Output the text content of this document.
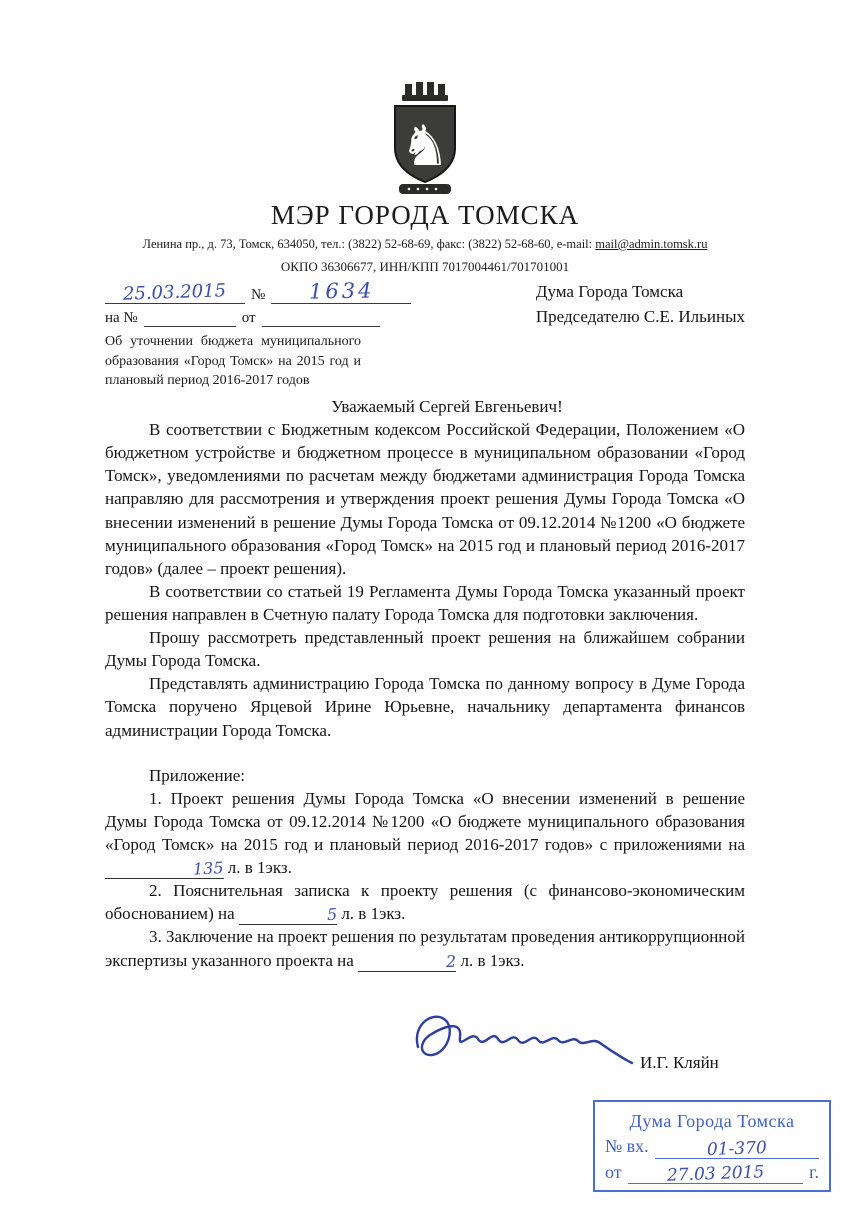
♞
МЭР ГОРОДА ТОМСКА
Ленина пр., д. 73, Томск, 634050, тел.: (3822) 52-68-69, факс: (3822) 52-68-60, e-mail: mail@admin.tomsk.ru
ОКПО 36306677, ИНН/КПП 7017004461/701701001
25.03.2015	№	1634
на №
	от

Дума Города Томска
Председателю С.Е. Ильиных
Об уточнении бюджета муниципального образования «Город Томск» на 2015 год и плановый период 2016-2017 годов

Уважаемый Сергей Евгеньевич!

В соответствии с Бюджетным кодексом Российской Федерации, Положением «О бюджетном устройстве и бюджетном процессе в муниципальном образовании «Город Томск», уведомлениями по расчетам между бюджетами администрация Города Томска направляю для рассмотрения и утверждения проект решения Думы Города Томска «О внесении изменений в решение Думы Города Томска от 09.12.2014 №1200 «О бюджете муниципального образования «Город Томск» на 2015 год и плановый период 2016-2017 годов» (далее – проект решения).

В соответствии со статьей 19 Регламента Думы Города Томска указанный проект решения направлен в Счетную палату Города Томска для подготовки заключения.

Прошу рассмотреть представленный проект решения на ближайшем собрании Думы Города Томска.

Представлять администрацию Города Томска по данному вопросу в Думе Города Томска поручено Ярцевой Ирине Юрьевне, начальнику департамента финансов администрации Города Томска.

Приложение:

1. Проект решения Думы Города Томска «О внесении изменений в решение Думы Города Томска от 09.12.2014 №1200 «О бюджете муниципального образования «Город Томск» на 2015 год и плановый период 2016-2017 годов» с приложениями на 135 л. в 1экз.

2. Пояснительная записка к проекту решения (с финансово-экономическим обоснованием) на	5 л. в 1экз.

3. Заключение на проект решения по результатам проведения антикоррупционной экспертизы указанного проекта на	2 л. в 1экз.

И.Г. Кляйн
Дума Города Томска
№ вх.	01-370
от	27.03 2015	г.
